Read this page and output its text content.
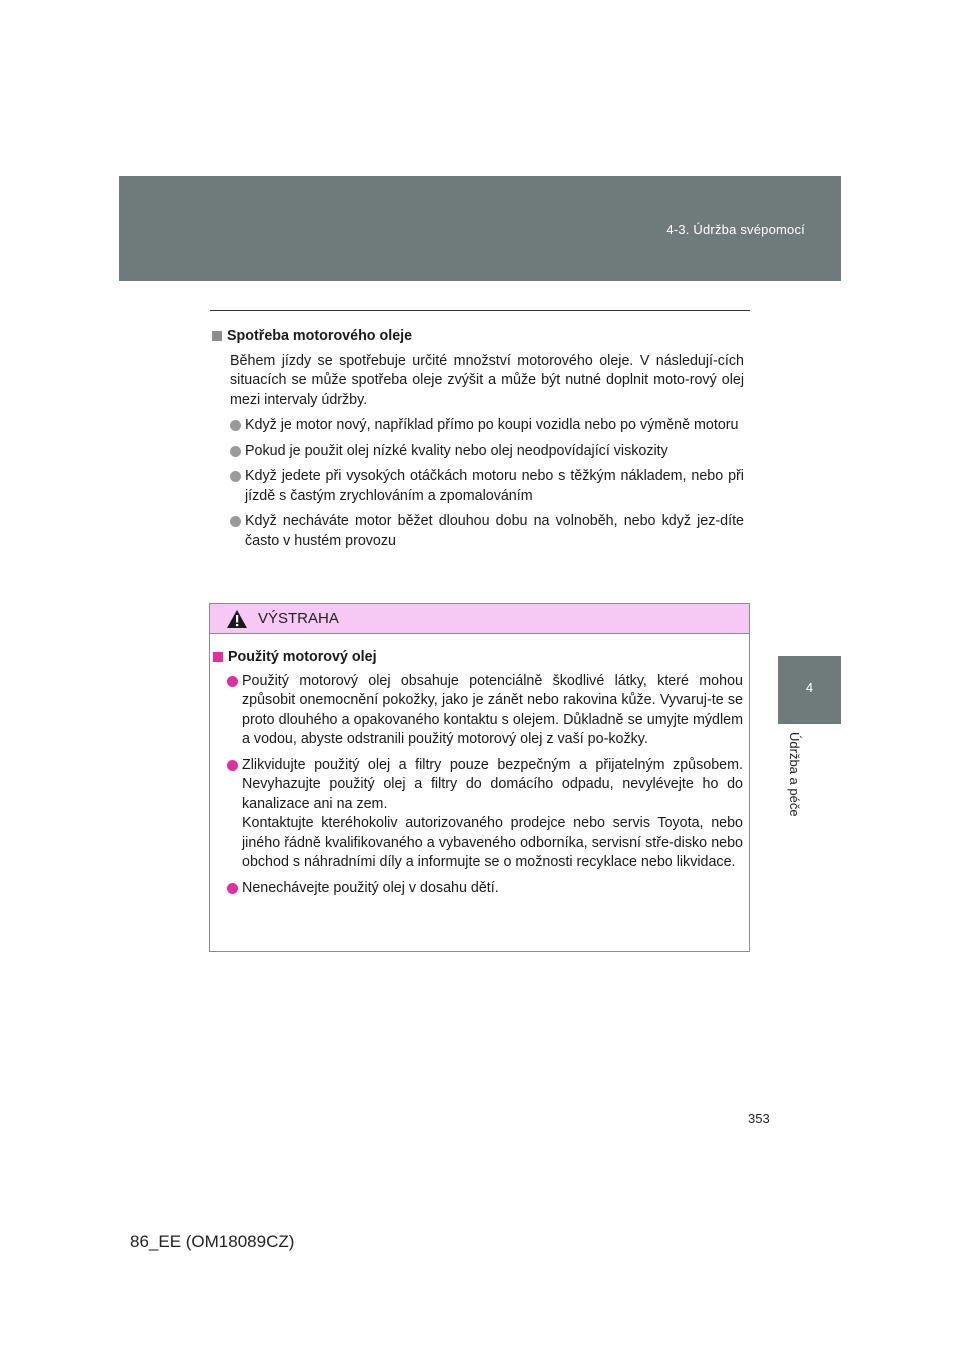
4-3. Údržba svépomocí
4
Údržba a péče
Spotřeba motorového oleje

Během jízdy se spotřebuje určité množství motorového oleje. V následují-cích situacích se může spotřeba oleje zvýšit a může být nutné doplnit moto-rový olej mezi intervaly údržby.

Když je motor nový, například přímo po koupi vozidla nebo po výměně motoru
Pokud je použit olej nízké kvality nebo olej neodpovídající viskozity
Když jedete při vysokých otáčkách motoru nebo s těžkým nákladem, nebo při jízdě s častým zrychlováním a zpomalováním
Když necháváte motor běžet dlouhou dobu na volnoběh, nebo když jez-díte často v hustém provozu
VÝSTRAHA
Použitý motorový olej
Použitý motorový olej obsahuje potenciálně škodlivé látky, které mohou způsobit onemocnění pokožky, jako je zánět nebo rakovina kůže. Vyvaruj-te se proto dlouhého a opakovaného kontaktu s olejem. Důkladně se umyjte mýdlem a vodou, abyste odstranili použitý motorový olej z vaší po-kožky.
Zlikvidujte použitý olej a filtry pouze bezpečným a přijatelným způsobem. Nevyhazujte použitý olej a filtry do domácího odpadu, nevylévejte ho do kanalizace ani na zem.
Kontaktujte kteréhokoliv autorizovaného prodejce nebo servis Toyota, nebo jiného řádně kvalifikovaného a vybaveného odborníka, servisní stře-disko nebo obchod s náhradními díly a informujte se o možnosti recyklace nebo likvidace.
Nenechávejte použitý olej v dosahu dětí.
353
86_EE (OM18089CZ)
